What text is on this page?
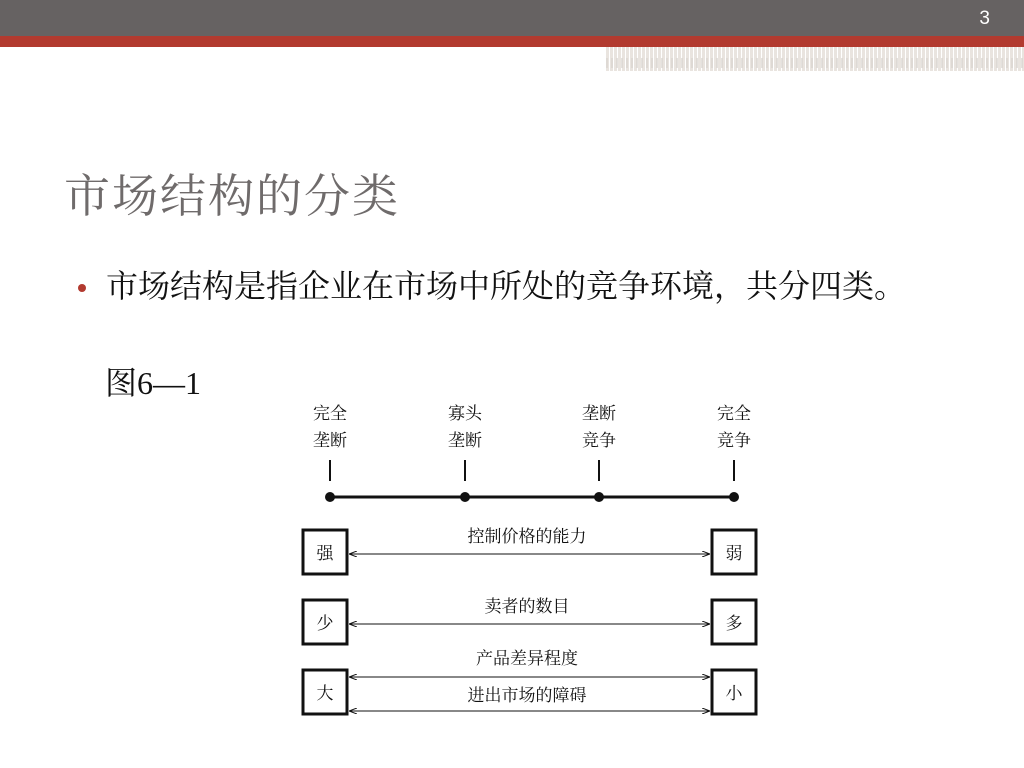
3
市场结构的分类
市场结构是指企业在市场中所处的竞争环境，共分四类。
图6—1
完全
垄断
寡头
垄断
垄断
竞争
完全
竞争
强	弱
控制价格的能力
少	多
卖者的数目
大	小
产品差异程度
进出市场的障碍
